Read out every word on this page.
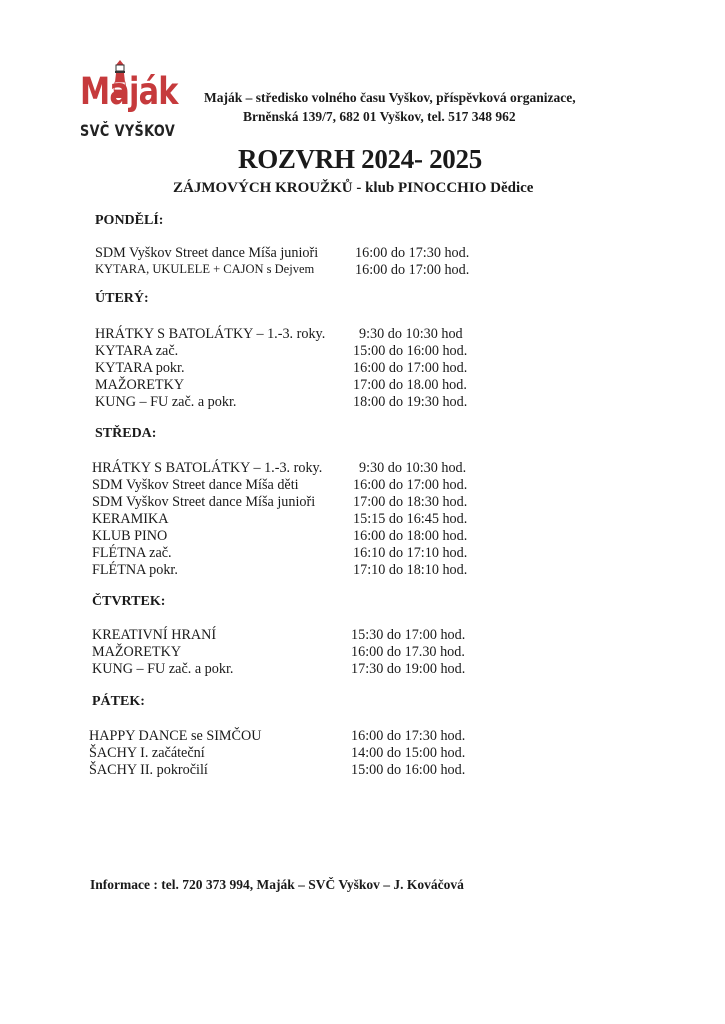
Maják
SVČ VYŠKOV
Maják – středisko volného času Vyškov, příspěvková organizace,
Brněnská 139/7, 682 01 Vyškov, tel. 517 348 962
ROZVRH 2024- 2025
ZÁJMOVÝCH KROUŽKŮ - klub PINOCCHIO Dědice
PONDĚLÍ:
SDM Vyškov Street dance Míša junioři	16:00 do 17:30 hod.
KYTARA, UKULELE + CAJON s Dejvem	16:00 do 17:00 hod.
ÚTERÝ:
HRÁTKY S BATOLÁTKY – 1.-3. roky. 9:30 do 10:30 hod
KYTARA zač.	15:00 do 16:00 hod.
KYTARA pokr.	16:00 do 17:00 hod.
MAŽORETKY	17:00 do 18.00 hod.
KUNG – FU zač. a pokr.	18:00 do 19:30 hod.
STŘEDA:
HRÁTKY S BATOLÁTKY – 1.-3. roky.	9:30 do 10:30 hod.
SDM Vyškov Street dance Míša děti	16:00 do 17:00 hod.
SDM Vyškov Street dance Míša junioři	17:00 do 18:30 hod.
KERAMIKA	15:15 do 16:45 hod.
KLUB PINO	16:00 do 18:00 hod.
FLÉTNA zač.	16:10 do 17:10 hod.
FLÉTNA pokr.	17:10 do 18:10 hod.
ČTVRTEK:
KREATIVNÍ HRANÍ	15:30 do 17:00 hod.
MAŽORETKY	16:00 do 17.30 hod.
KUNG – FU zač. a pokr.	17:30 do 19:00 hod.
PÁTEK:
HAPPY DANCE se SIMČOU	16:00 do 17:30 hod.
ŠACHY I. začáteční	14:00 do 15:00 hod.
ŠACHY II. pokročilí	15:00 do 16:00 hod.
Informace : tel. 720 373 994, Maják – SVČ Vyškov – J. Kováčová
